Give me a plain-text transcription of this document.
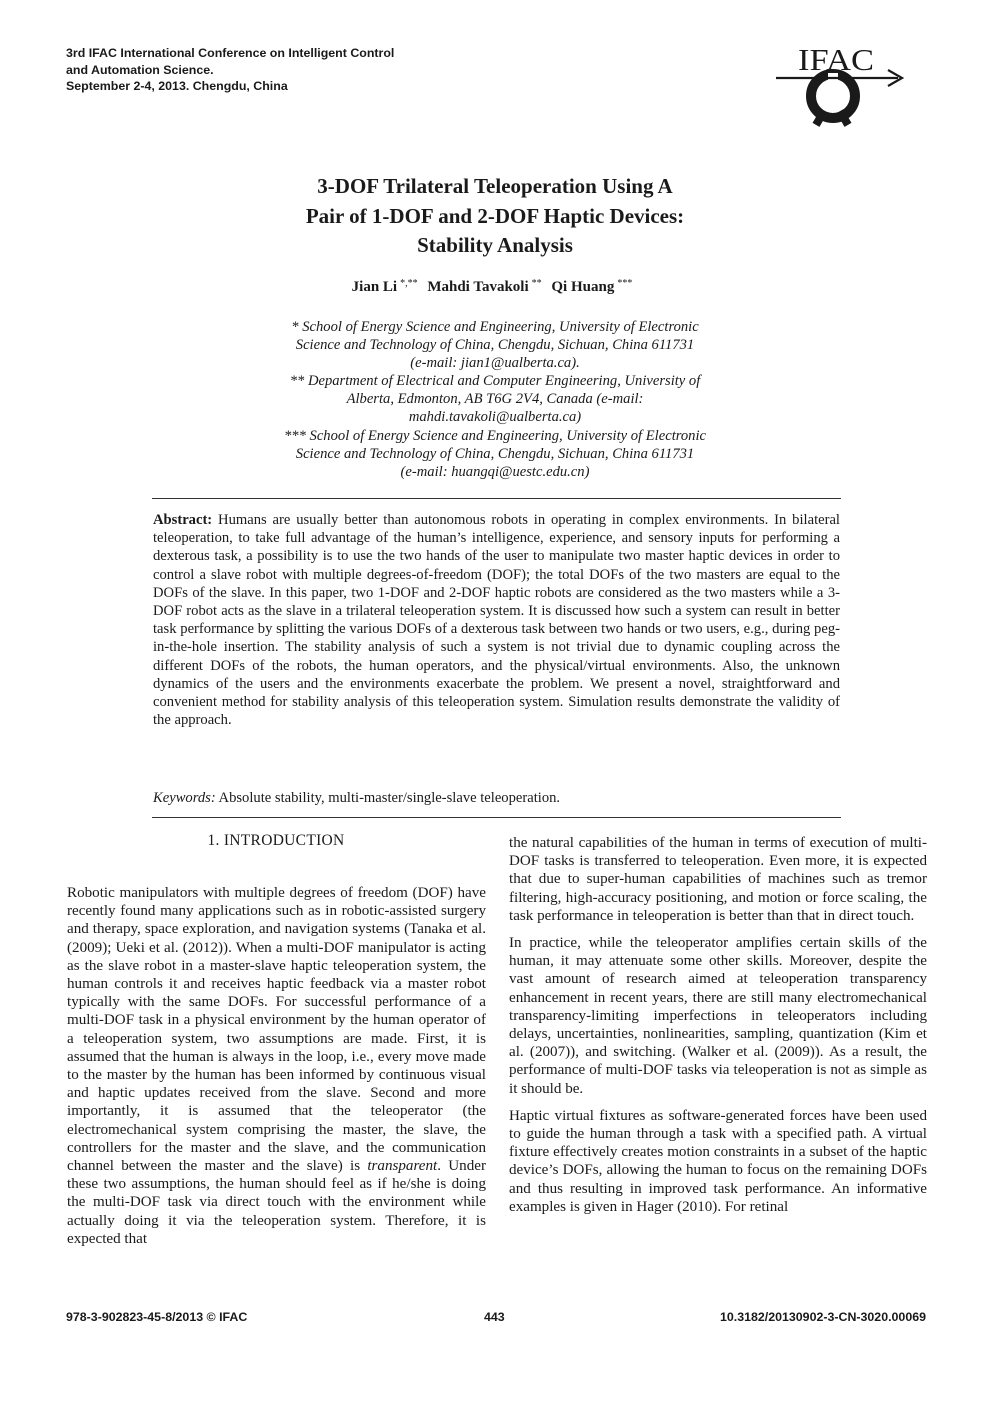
3rd IFAC International Conference on Intelligent Control
and Automation Science.
September 2-4, 2013. Chengdu, China
IFAC
3-DOF Trilateral Teleoperation Using A
Pair of 1-DOF and 2-DOF Haptic Devices:
Stability Analysis
Jian Li *,** Mahdi Tavakoli ** Qi Huang ***
* School of Energy Science and Engineering, University of Electronic
Science and Technology of China, Chengdu, Sichuan, China 611731
(e-mail: jian1@ualberta.ca).
** Department of Electrical and Computer Engineering, University of
Alberta, Edmonton, AB T6G 2V4, Canada (e-mail:
mahdi.tavakoli@ualberta.ca)
*** School of Energy Science and Engineering, University of Electronic
Science and Technology of China, Chengdu, Sichuan, China 611731
(e-mail: huangqi@uestc.edu.cn)
Abstract: Humans are usually better than autonomous robots in operating in complex environments. In bilateral teleoperation, to take full advantage of the human’s intelligence, experience, and sensory inputs for performing a dexterous task, a possibility is to use the two hands of the user to manipulate two master haptic devices in order to control a slave robot with multiple degrees-of-freedom (DOF); the total DOFs of the two masters are equal to the DOFs of the slave. In this paper, two 1-DOF and 2-DOF haptic robots are considered as the two masters while a 3-DOF robot acts as the slave in a trilateral teleoperation system. It is discussed how such a system can result in better task performance by splitting the various DOFs of a dexterous task between two hands or two users, e.g., during peg-in-the-hole insertion. The stability analysis of such a system is not trivial due to dynamic coupling across the different DOFs of the robots, the human operators, and the physical/virtual environments. Also, the unknown dynamics of the users and the environments exacerbate the problem. We present a novel, straightforward and convenient method for stability analysis of this teleoperation system. Simulation results demonstrate the validity of the approach.
Keywords: Absolute stability, multi-master/single-slave teleoperation.
1. INTRODUCTION

Robotic manipulators with multiple degrees of freedom (DOF) have recently found many applications such as in robotic-assisted surgery and therapy, space exploration, and navigation systems (Tanaka et al. (2009); Ueki et al. (2012)). When a multi-DOF manipulator is acting as the slave robot in a master-slave haptic teleoperation system, the human controls it and receives haptic feedback via a master robot typically with the same DOFs. For successful performance of a multi-DOF task in a physical environment by the human operator of a teleoperation system, two assumptions are made. First, it is assumed that the human is always in the loop, i.e., every move made to the master by the human has been informed by continuous visual and haptic updates received from the slave. Second and more importantly, it is assumed that the teleoperator (the electromechanical system comprising the master, the slave, the controllers for the master and the slave, and the communication channel between the master and the slave) is transparent. Under these two assumptions, the human should feel as if he/she is doing the multi-DOF task via direct touch with the environment while actually doing it via the teleoperation system. Therefore, it is expected that

the natural capabilities of the human in terms of execution of multi-DOF tasks is transferred to teleoperation. Even more, it is expected that due to super-human capabilities of machines such as tremor filtering, high-accuracy positioning, and motion or force scaling, the task performance in teleoperation is better than that in direct touch.

In practice, while the teleoperator amplifies certain skills of the human, it may attenuate some other skills. Moreover, despite the vast amount of research aimed at teleoperation transparency enhancement in recent years, there are still many electromechanical transparency-limiting imperfections in teleoperators including delays, uncertainties, nonlinearities, sampling, quantization (Kim et al. (2007)), and switching. (Walker et al. (2009)). As a result, the performance of multi-DOF tasks via teleoperation is not as simple as it should be.

Haptic virtual fixtures as software-generated forces have been used to guide the human through a task with a specified path. A virtual fixture effectively creates motion constraints in a subset of the haptic device’s DOFs, allowing the human to focus on the remaining DOFs and thus resulting in improved task performance. An informative examples is given in Hager (2010). For retinal

978-3-902823-45-8/2013 © IFAC	443	10.3182/20130902-3-CN-3020.00069
